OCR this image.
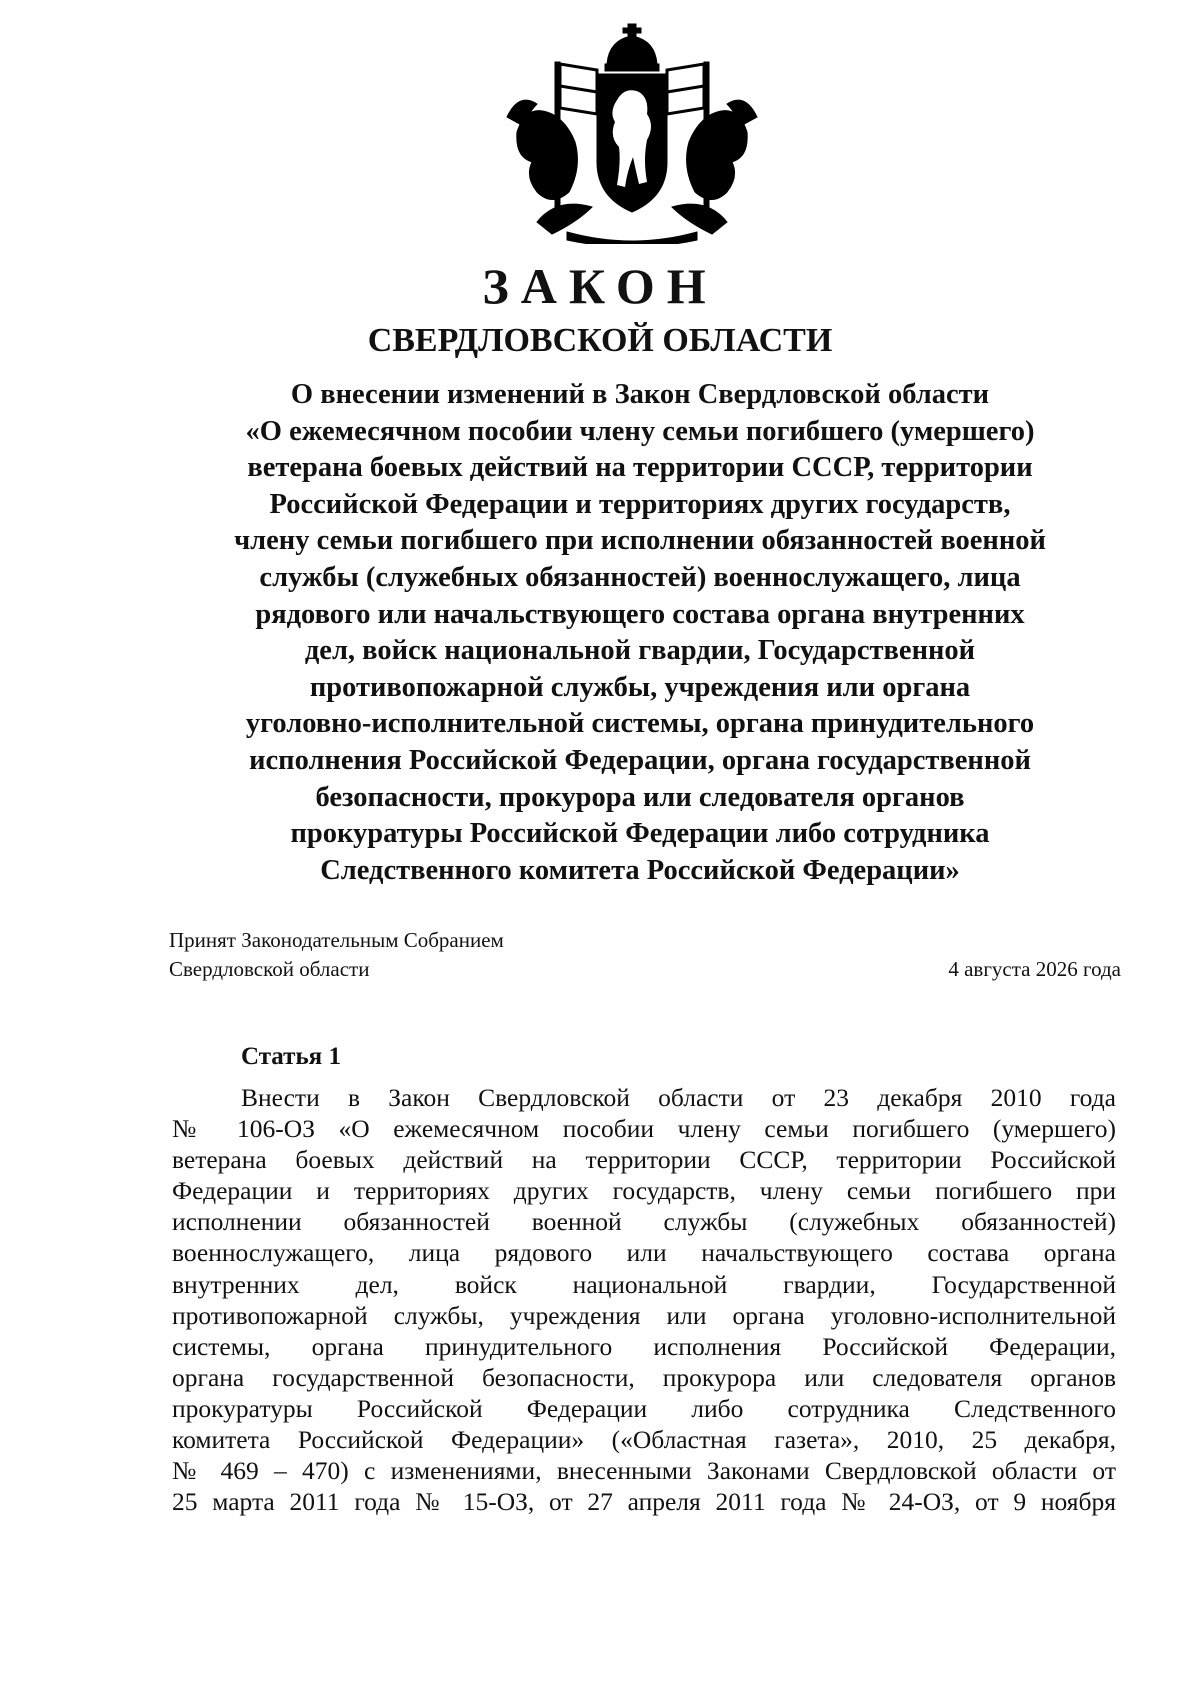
ЗАКОН
СВЕРДЛОВСКОЙ ОБЛАСТИ
О внесении изменений в Закон Свердловской области
«О ежемесячном пособии члену семьи погибшего (умершего)
ветерана боевых действий на территории СССР, территории
Российской Федерации и территориях других государств,
члену семьи погибшего при исполнении обязанностей военной
службы (служебных обязанностей) военнослужащего, лица
рядового или начальствующего состава органа внутренних
дел, войск национальной гвардии, Государственной
противопожарной службы, учреждения или органа
уголовно-исполнительной системы, органа принудительного
исполнения Российской Федерации, органа государственной
безопасности, прокурора или следователя органов
прокуратуры Российской Федерации либо сотрудника
Следственного комитета Российской Федерации»
Принят Законодательным Собранием
Свердловской области	4 августа 2026 года
Статья 1
Внести в Закон Свердловской области от 23 декабря 2010 года
№ 106-ОЗ «О ежемесячном пособии члену семьи погибшего (умершего)
ветерана боевых действий на территории СССР, территории Российской
Федерации и территориях других государств, члену семьи погибшего при
исполнении обязанностей военной службы (служебных обязанностей)
военнослужащего, лица рядового или начальствующего состава органа
внутренних дел, войск национальной гвардии, Государственной
противопожарной службы, учреждения или органа уголовно-исполнительной
системы, органа принудительного исполнения Российской Федерации,
органа государственной безопасности, прокурора или следователя органов
прокуратуры Российской Федерации либо сотрудника Следственного
комитета Российской Федерации» («Областная газета», 2010, 25 декабря,
№ 469 – 470) с изменениями, внесенными Законами Свердловской области от
25 марта 2011 года № 15-ОЗ, от 27 апреля 2011 года № 24-ОЗ, от 9 ноября
